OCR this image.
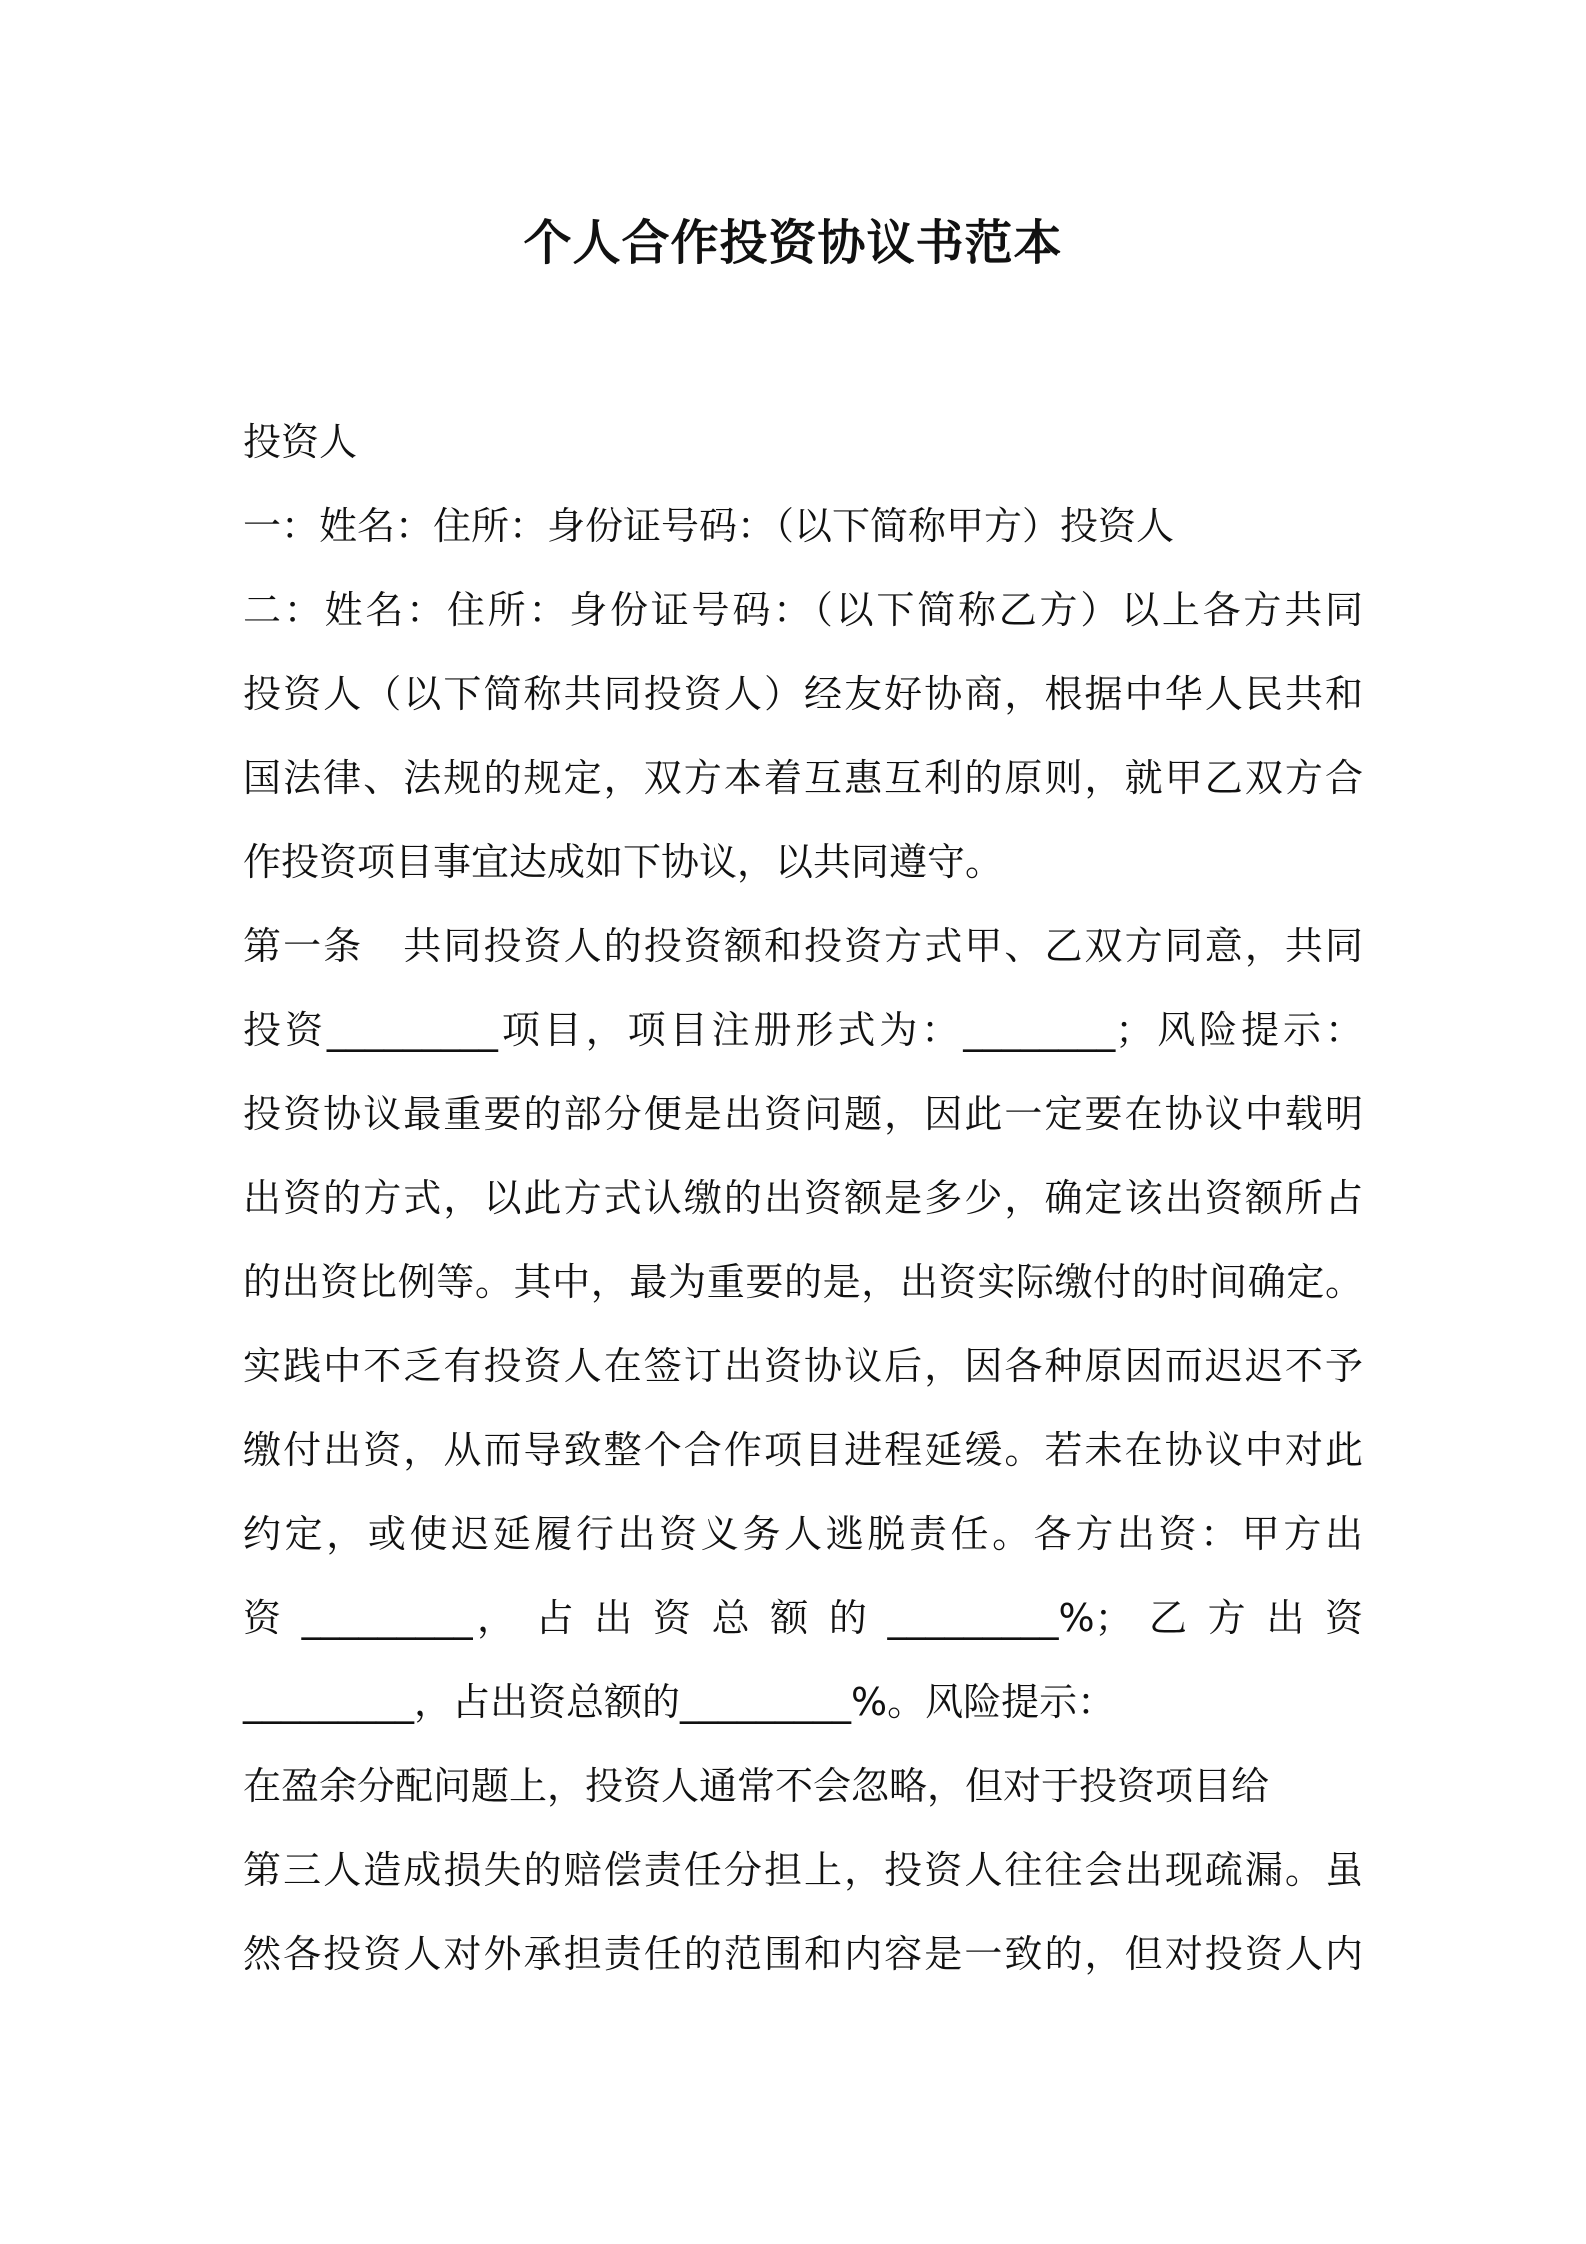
个人合作投资协议书范本
投资人
一：姓名：住所：身份证号码：（以下简称甲方）投资人
二：姓名：住所：身份证号码：（以下简称乙方）以上各方共同
投资人（以下简称共同投资人）经友好协商，根据中华人民共和
国法律、法规的规定，双方本着互惠互利的原则，就甲乙双方合
作投资项目事宜达成如下协议，以共同遵守。
第一条　共同投资人的投资额和投资方式甲、乙双方同意，共同
投资_________项目，项目注册形式为：________；风险提示：
投资协议最重要的部分便是出资问题，因此一定要在协议中载明
出资的方式，以此方式认缴的出资额是多少，确定该出资额所占
的出资比例等。其中，最为重要的是，出资实际缴付的时间确定。
实践中不乏有投资人在签订出资协议后，因各种原因而迟迟不予
缴付出资，从而导致整个合作项目进程延缓。若未在协议中对此
约定，或使迟延履行出资义务人逃脱责任。各方出资：甲方出
资 _________， 占 出 资 总 额 的 _________%； 乙 方 出 资
_________，占出资总额的_________%。风险提示：
在盈余分配问题上，投资人通常不会忽略，但对于投资项目给
第三人造成损失的赔偿责任分担上，投资人往往会出现疏漏。虽
然各投资人对外承担责任的范围和内容是一致的，但对投资人内
